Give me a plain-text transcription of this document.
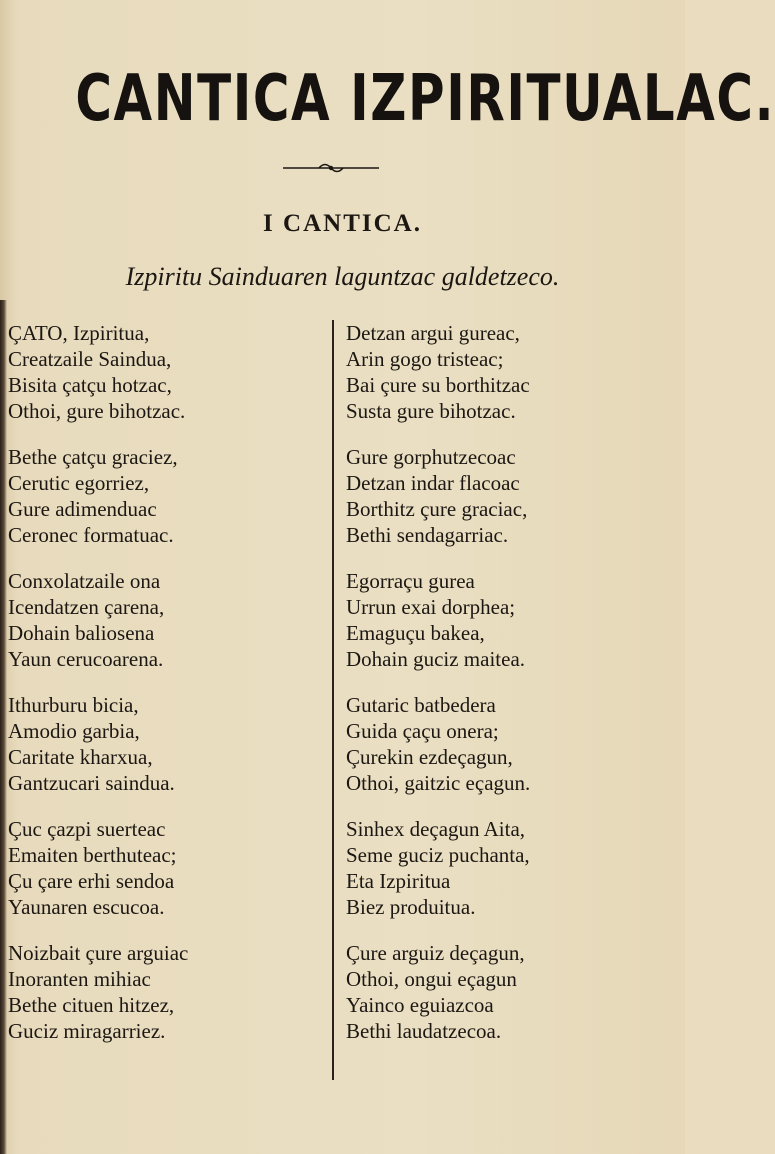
CANTICA IZPIRITUALAC.
I CANTICA.
Izpiritu Sainduaren laguntzac galdetzeco.
ÇATO, Izpiritua,
Creatzaile Saindua,
Bisita çatçu hotzac,
Othoi, gure bihotzac.
Bethe çatçu graciez,
Cerutic egorriez,
Gure adimenduac
Ceronec formatuac.
Conxolatzaile ona
Icendatzen çarena,
Dohain baliosena
Yaun cerucoarena.
Ithurburu bicia,
Amodio garbia,
Caritate kharxua,
Gantzucari saindua.
Çuc çazpi suerteac
Emaiten berthuteac;
Çu çare erhi sendoa
Yaunaren escucoa.
Noizbait çure arguiac
Inoranten mihiac
Bethe cituen hitzez,
Guciz miragarriez.
Detzan argui gureac,
Arin gogo tristeac;
Bai çure su borthitzac
Susta gure bihotzac.
Gure gorphutzecoac
Detzan indar flacoac
Borthitz çure graciac,
Bethi sendagarriac.
Egorraçu gurea
Urrun exai dorphea;
Emaguçu bakea,
Dohain guciz maitea.
Gutaric batbedera
Guida çaçu onera;
Çurekin ezdeçagun,
Othoi, gaitzic eçagun.
Sinhex deçagun Aita,
Seme guciz puchanta,
Eta Izpiritua
Biez produitua.
Çure arguiz deçagun,
Othoi, ongui eçagun
Yainco eguiazcoa
Bethi laudatzecoa.
